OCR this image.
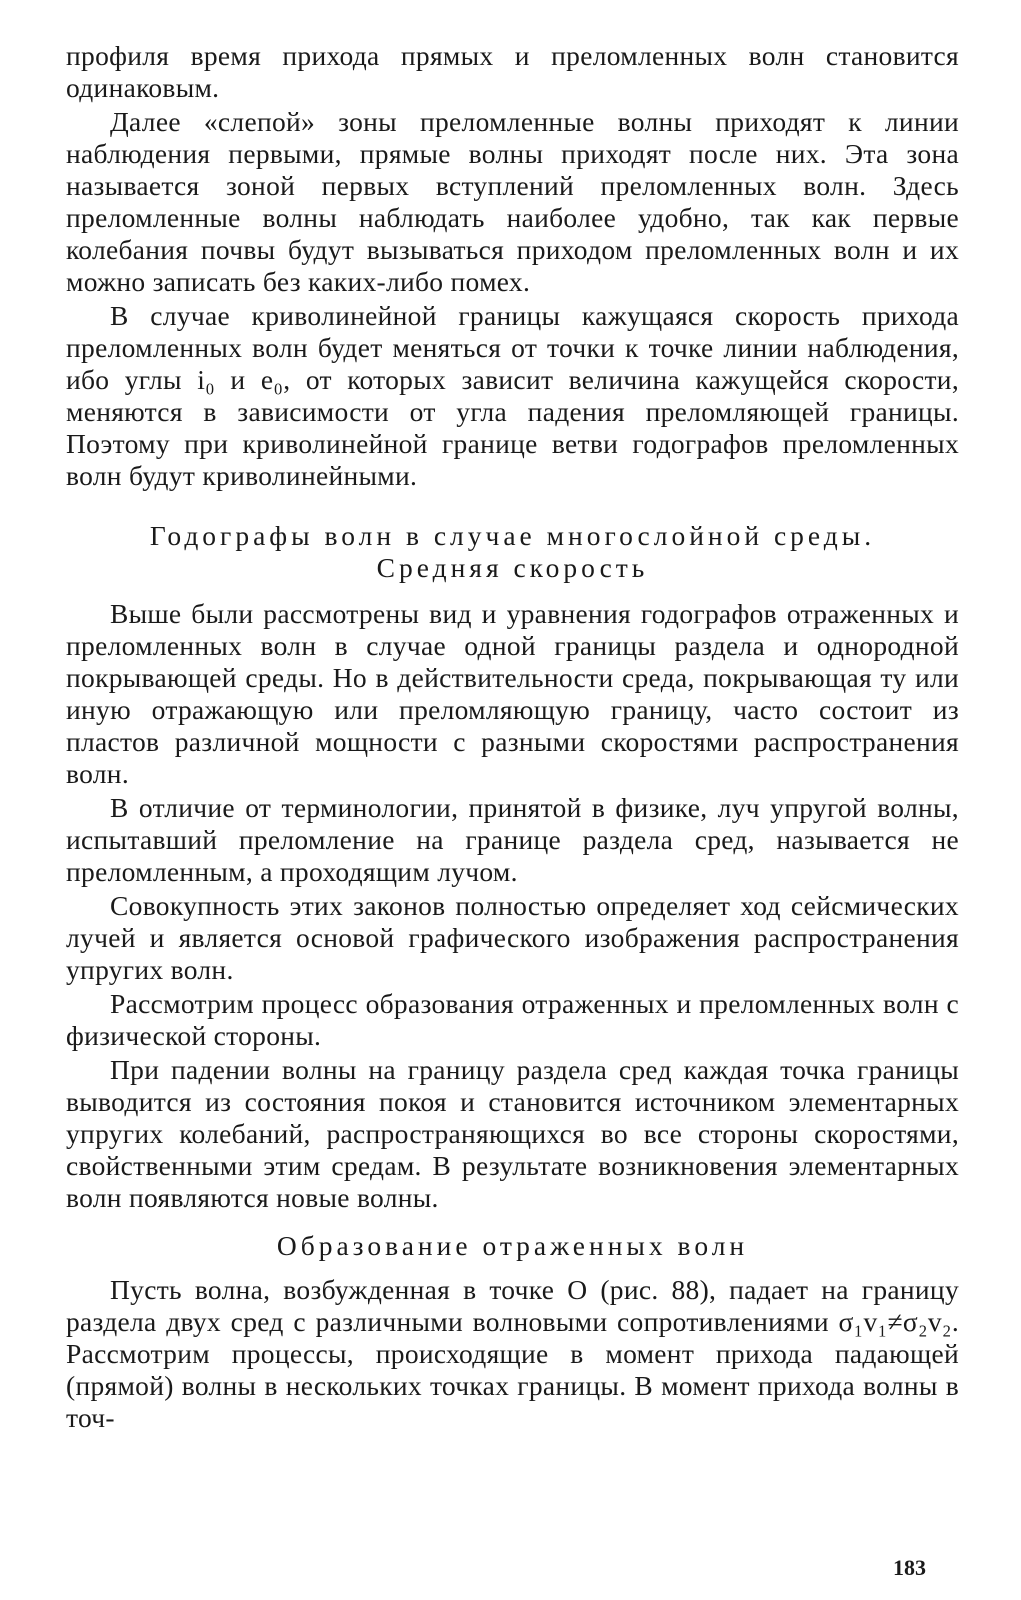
профиля время прихода прямых и преломленных волн становится одинаковым.

Далее «слепой» зоны преломленные волны приходят к линии наблюдения первыми, прямые волны приходят после них. Эта зона называется зоной первых вступлений преломленных волн. Здесь преломленные волны наблюдать наиболее удобно, так как первые колебания почвы будут вызываться приходом преломленных волн и их можно записать без каких-либо помех.

В случае криволинейной границы кажущаяся скорость прихода преломленных волн будет меняться от точки к точке линии наблюдения, ибо углы i₀ и e₀, от которых зависит величина кажущейся скорости, меняются в зависимости от угла падения преломляющей границы. Поэтому при криволинейной границе ветви годографов преломленных волн будут криволинейными.

Годографы волн в случае многослойной среды.
Средняя скорость

Выше были рассмотрены вид и уравнения годографов отраженных и преломленных волн в случае одной границы раздела и однородной покрывающей среды. Но в действительности среда, покрывающая ту или иную отражающую или преломляющую границу, часто состоит из пластов различной мощности с разными скоростями распространения волн.

В отличие от терминологии, принятой в физике, луч упругой волны, испытавший преломление на границе раздела сред, называется не преломленным, а проходящим лучом.

Совокупность этих законов полностью определяет ход сейсмических лучей и является основой графического изображения распространения упругих волн.

Рассмотрим процесс образования отраженных и преломленных волн с физической стороны.

При падении волны на границу раздела сред каждая точка границы выводится из состояния покоя и становится источником элементарных упругих колебаний, распространяющихся во все стороны скоростями, свойственными этим средам. В результате возникновения элементарных волн появляются новые волны.

Образование отраженных волн

Пусть волна, возбужденная в точке O (рис. 88), падает на границу раздела двух сред с различными волновыми сопротивлениями σ₁v₁≠σ₂v₂. Рассмотрим процессы, происходящие в момент прихода падающей (прямой) волны в нескольких точках границы. В момент прихода волны в точ-

183
